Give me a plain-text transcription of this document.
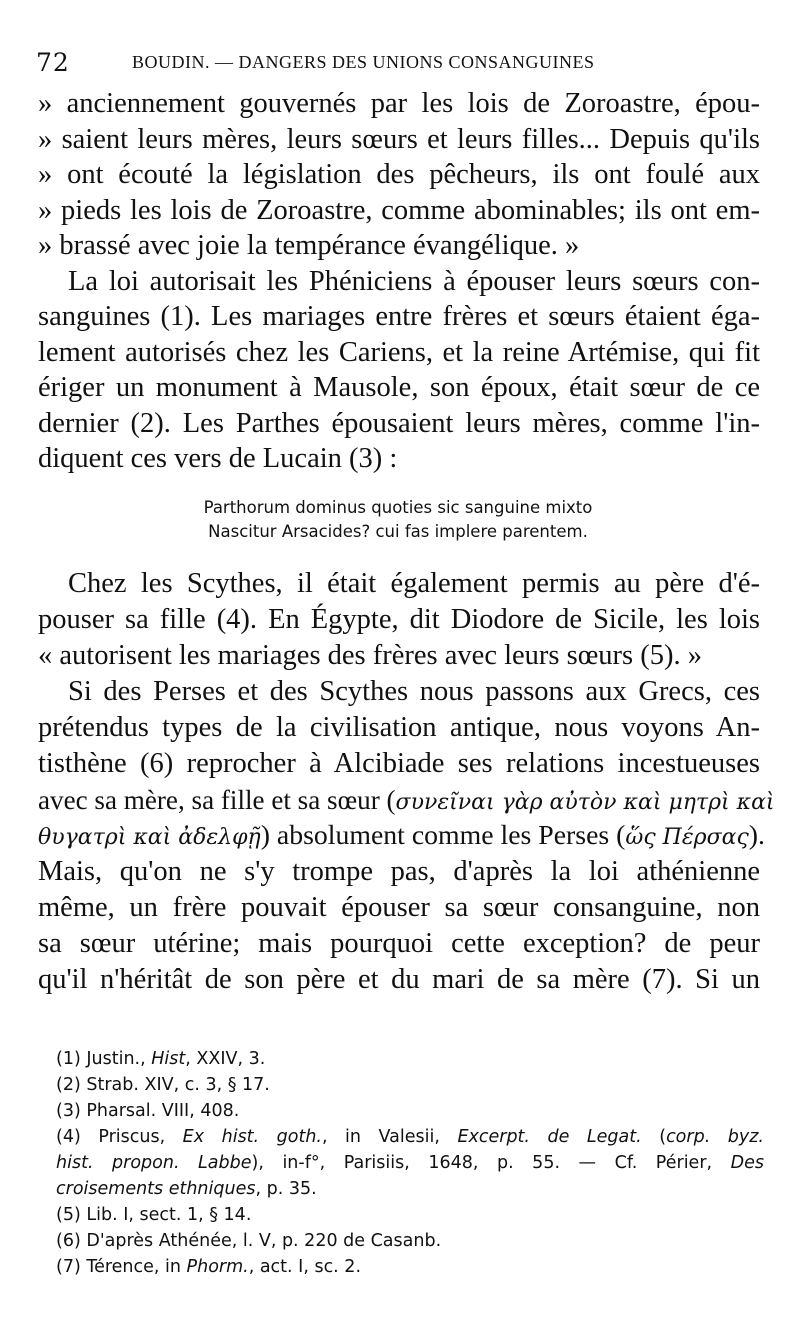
72	BOUDIN. — DANGERS DES UNIONS CONSANGUINES
» anciennement gouvernés par les lois de Zoroastre, épou-
» saient leurs mères, leurs sœurs et leurs filles... Depuis qu'ils
» ont écouté la législation des pêcheurs, ils ont foulé aux
» pieds les lois de Zoroastre, comme abominables; ils ont em-
» brassé avec joie la tempérance évangélique. »
La loi autorisait les Phéniciens à épouser leurs sœurs con-
sanguines (1). Les mariages entre frères et sœurs étaient éga-
lement autorisés chez les Cariens, et la reine Artémise, qui fit
ériger un monument à Mausole, son époux, était sœur de ce
dernier (2). Les Parthes épousaient leurs mères, comme l'in-
diquent ces vers de Lucain (3) :
Parthorum dominus quoties sic sanguine mixto
Nascitur Arsacides? cui fas implere parentem.
Chez les Scythes, il était également permis au père d'é-
pouser sa fille (4). En Égypte, dit Diodore de Sicile, les lois
« autorisent les mariages des frères avec leurs sœurs (5). »
Si des Perses et des Scythes nous passons aux Grecs, ces
prétendus types de la civilisation antique, nous voyons An-
tisthène (6) reprocher à Alcibiade ses relations incestueuses
avec sa mère, sa fille et sa sœur (συνεῖναι γὰρ αὐτὸν καὶ μητρὶ καὶ
θυγατρὶ καὶ ἀδελφῇ) absolument comme les Perses (ὥς Πέρσας).
Mais, qu'on ne s'y trompe pas, d'après la loi athénienne
même, un frère pouvait épouser sa sœur consanguine, non
sa sœur utérine; mais pourquoi cette exception? de peur
qu'il n'héritât de son père et du mari de sa mère (7). Si un
(1) Justin., Hist, XXIV, 3.
(2) Strab. XIV, c. 3, § 17.
(3) Pharsal. VIII, 408.
(4) Priscus, Ex hist. goth., in Valesii, Excerpt. de Legat. (corp. byz.
hist. propon. Labbe), in-f°, Parisiis, 1648, p. 55. — Cf. Périer, Des
croisements ethniques, p. 35.
(5) Lib. I, sect. 1, § 14.
(6) D'après Athénée, l. V, p. 220 de Casanb.
(7) Térence, in Phorm., act. I, sc. 2.
